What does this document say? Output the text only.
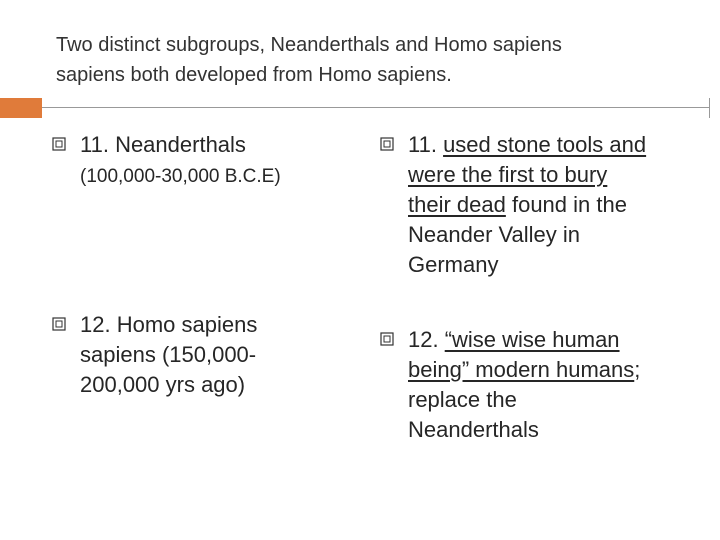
Two distinct subgroups, Neanderthals and Homo sapiens
sapiens both developed from Homo sapiens.
11. Neanderthals
(100,000-30,000 B.C.E)
12. Homo sapiens
sapiens (150,000-
200,000 yrs ago)
11. used stone tools and
were the first to bury
their dead found in the
Neander Valley in
Germany
12. “wise wise human
being” modern humans;
replace the
Neanderthals
